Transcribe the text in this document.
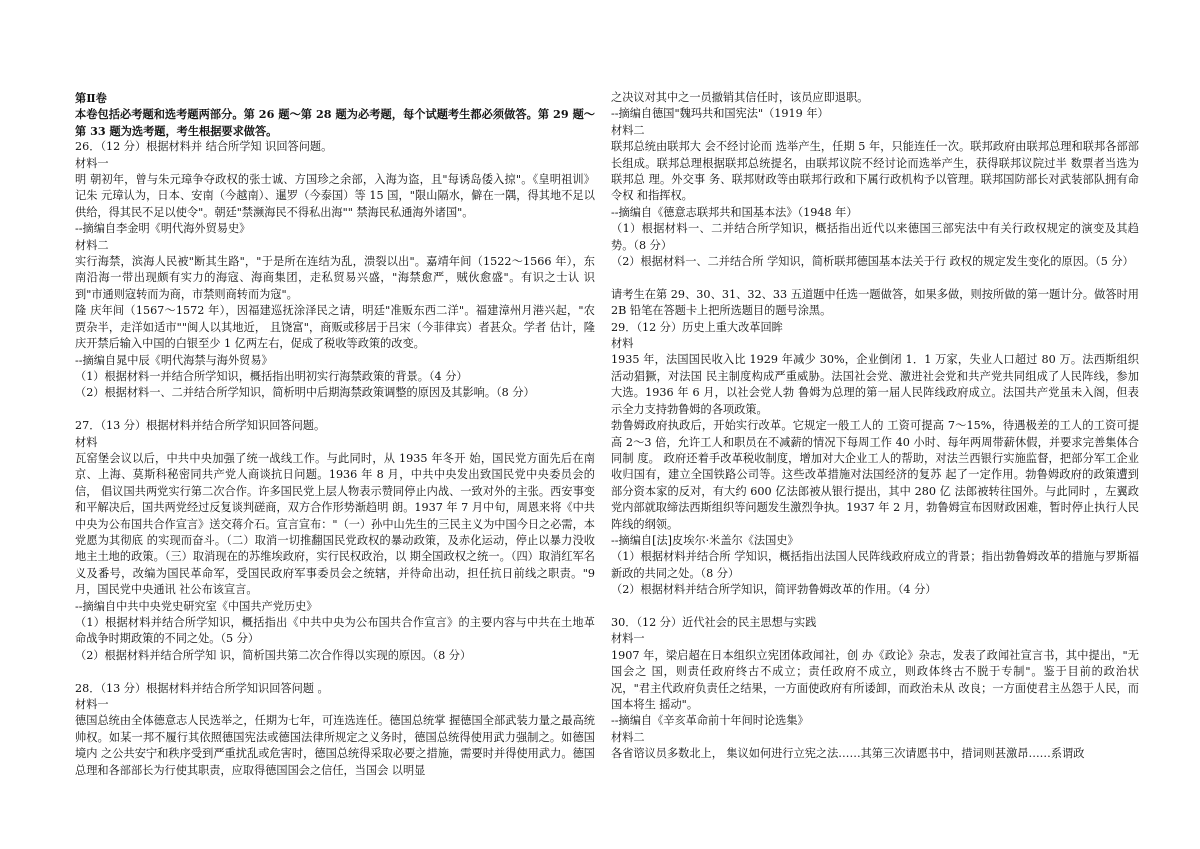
第Ⅱ卷

本卷包括必考题和选考题两部分。第 26 题～第 28 题为必考题，每个试题考生都必须做答。第 29 题～第 33 题为选考题，考生根据要求做答。

26．（12 分）根据材料并 结合所学知 识回答问题。

材料一

明 朝初年，曾与朱元璋争夺政权的张士诚、方国珍之余部，入海为盗，且"每诱岛倭入掠"。《皇明祖训》记朱 元璋认为，日本、安南（今越南）、暹罗（今泰国）等 15 国，"限山隔水，僻在一隅，得其地不足以供给，得其民不足以使令"。朝廷"禁濒海民不得私出海"" 禁海民私通海外诸国"。

--摘编自李金明《明代海外贸易史》

材料二

实行海禁，滨海人民被"断其生路"，"于是所在连结为乱，溃裂以出"。嘉靖年间（1522～1566 年），东南沿海一带出现颇有实力的海寇、海商集团，走私贸易兴盛，"海禁愈严，贼伙愈盛"。有识之士认 识到"市通则寇转而为商，市禁则商转而为寇"。

隆 庆年间（1567～1572 年），因福建巡抚涂泽民之请，明廷"准贩东西二洋"。福建漳州月港兴起，"农贾杂半，走洋如适市""闽人以其地近， 且饶富"，商贩或移居于吕宋（今菲律宾）者甚众。学者 估计，隆庆开禁后输入中国的白银至少 1 亿两左右，促成了税收等政策的改变。

--摘编自晁中辰《明代海禁与海外贸易》

（1）根据材料一并结合所学知识，概括指出明初实行海禁政策的背景。（4 分）

（2）根据材料一、二并结合所学知识，简析明中后期海禁政策调整的原因及其影响。（8 分）

27．（13 分）根据材料并结合所学知识回答问题。

材料

瓦窑堡会议以后，中共中央加强了统一战线工作。与此同时，从 1935 年冬开 始，国民党方面先后在南京、上海、莫斯科秘密同共产党人商谈抗日问题。1936 年 8 月，中共中央发出致国民党中央委员会的信， 倡议国共两党实行第二次合作。许多国民党上层人物表示赞同停止内战、一致对外的主张。西安事变和平解决后，国共两党经过反复谈判磋商，双方合作形势渐趋明 朗。1937 年 7 月中旬，周恩来将《中共中央为公布国共合作宣言》送交蒋介石。宣言宣布："（一）孙中山先生的三民主义为中国今日之必需，本党愿为其彻底 的实现而奋斗。（二）取消一切推翻国民党政权的暴动政策，及赤化运动，停止以暴力没收地主土地的政策。（三）取消现在的苏维埃政府，实行民权政治，以 期全国政权之统一。（四）取消红军名义及番号，改编为国民革命军，受国民政府军事委员会之统辖，并待命出动，担任抗日前线之职责。"9 月，国民党中央通讯 社公布该宣言。

--摘编自中共中央党史研究室《中国共产党历史》

（1）根据材料并结合所学知识，概括指出《中共中央为公布国共合作宣言》的主要内容与中共在土地革命战争时期政策的不同之处。（5 分）

（2）根据材料并结合所学知 识，简析国共第二次合作得以实现的原因。（8 分）

28．（13 分）根据材料并结合所学知识回答问题 。

材料一

德国总统由全体德意志人民选举之，任期为七年，可连选连任。德国总统掌 握德国全部武装力量之最高统帅权。如某一邦不履行其依照德国宪法或德国法律所规定之义务时，德国总统得使用武力强制之。如德国境内 之公共安宁和秩序受到严重扰乱或危害时，德国总统得采取必要之措施，需要时并得使用武力。德国总理和各部部长为行使其职责，应取得德国国会之信任，当国会 以明显

之决议对其中之一员撤销其信任时，该员应即退职。

--摘编自德国"魏玛共和国宪法"（1919 年）

材料二

联邦总统由联邦大 会不经讨论而 选举产生，任期 5 年，只能连任一次。联邦政府由联邦总理和联邦各部部长组成。联邦总理根据联邦总统提名，由联邦议院不经讨论而选举产生，获得联邦议院过半 数票者当选为联邦总 理。外交事 务、联邦财政等由联邦行政和下属行政机构予以管理。联邦国防部长对武装部队拥有命令权 和指挥权。

--摘编自《德意志联邦共和国基本法》（1948 年）

（1）根据材料一、二并结合所学知识，概括指出近代以来德国三部宪法中有关行政权规定的演变及其趋势。（8 分）

（2）根据材料一、二并结合所 学知识，简析联邦德国基本法关于行 政权的规定发生变化的原因。（5 分）

请考生在第 29、30、31、32、33 五道题中任选一题做答，如果多做，则按所做的第一题计分。做答时用 2B 铅笔在答题卡上把所选题目的题号涂黑。

29．（12 分）历史上重大改革回眸

材料

1935 年，法国国民收入比 1929 年减少 30%，企业倒闭 1．1 万家，失业人口超过 80 万。法西斯组织活动猖獗，对法国 民主制度构成严重威胁。法国社会党、激进社会党和共产党共同组成了人民阵线，参加大选。1936 年 6 月，以社会党人勃 鲁姆为总理的第一届人民阵线政府成立。法国共产党虽未入阁，但表示全力支持勃鲁姆的各项政策。

勃鲁姆政府执政后，开始实行改革。它规定一般工人的 工资可提高 7～15%，待遇极差的工人的工资可提高 2～3 倍，允许工人和职员在不减薪的情况下每周工作 40 小时、每年两周带薪休假，并要求完善集体合同制 度。 政府还着手改革税收制度，增加对大企业工人的帮助，对法兰西银行实施监督，把部分军工企业收归国有，建立全国铁路公司等。这些改革措施对法国经济的复苏 起了一定作用。勃鲁姆政府的政策遭到部分资本家的反对，有大约 600 亿法郎被从银行提出，其中 280 亿 法郎被转往国外。与此同时 ，左翼政党内部就取缔法西斯组织等问题发生激烈争执。1937 年 2 月，勃鲁姆宣布因财政困难，暂时停止执行人民阵线的纲领。

--摘编自[法]皮埃尔·米盖尔《法国史》

（1）根据材料并结合所 学知识，概括指出法国人民阵线政府成立的背景；指出勃鲁姆改革的措施与罗斯福新政的共同之处。（8 分）

（2）根据材料并结合所学知识，简评勃鲁姆改革的作用。（4 分）

30．（12 分）近代社会的民主思想与实践

材料一

1907 年，梁启超在日本组织立宪团体政闻社，创 办《政论》杂志，发表了政闻社宣言书，其中提出，"无国会之 国，则责任政府终古不成立；责任政府不成立，则政体终古不脱于专制"。鉴于目前的政治状况，"君主代政府负责任之结果，一方面使政府有所诿卸，而政治未从 改良；一方面使君主丛怨于人民，而国本将生 摇动"。

--摘编自《辛亥革命前十年间时论选集》

材料二

各省谘议员多数北上， 集议如何进行立宪之法……其第三次请愿书中，措词则甚激昂……系谓政
